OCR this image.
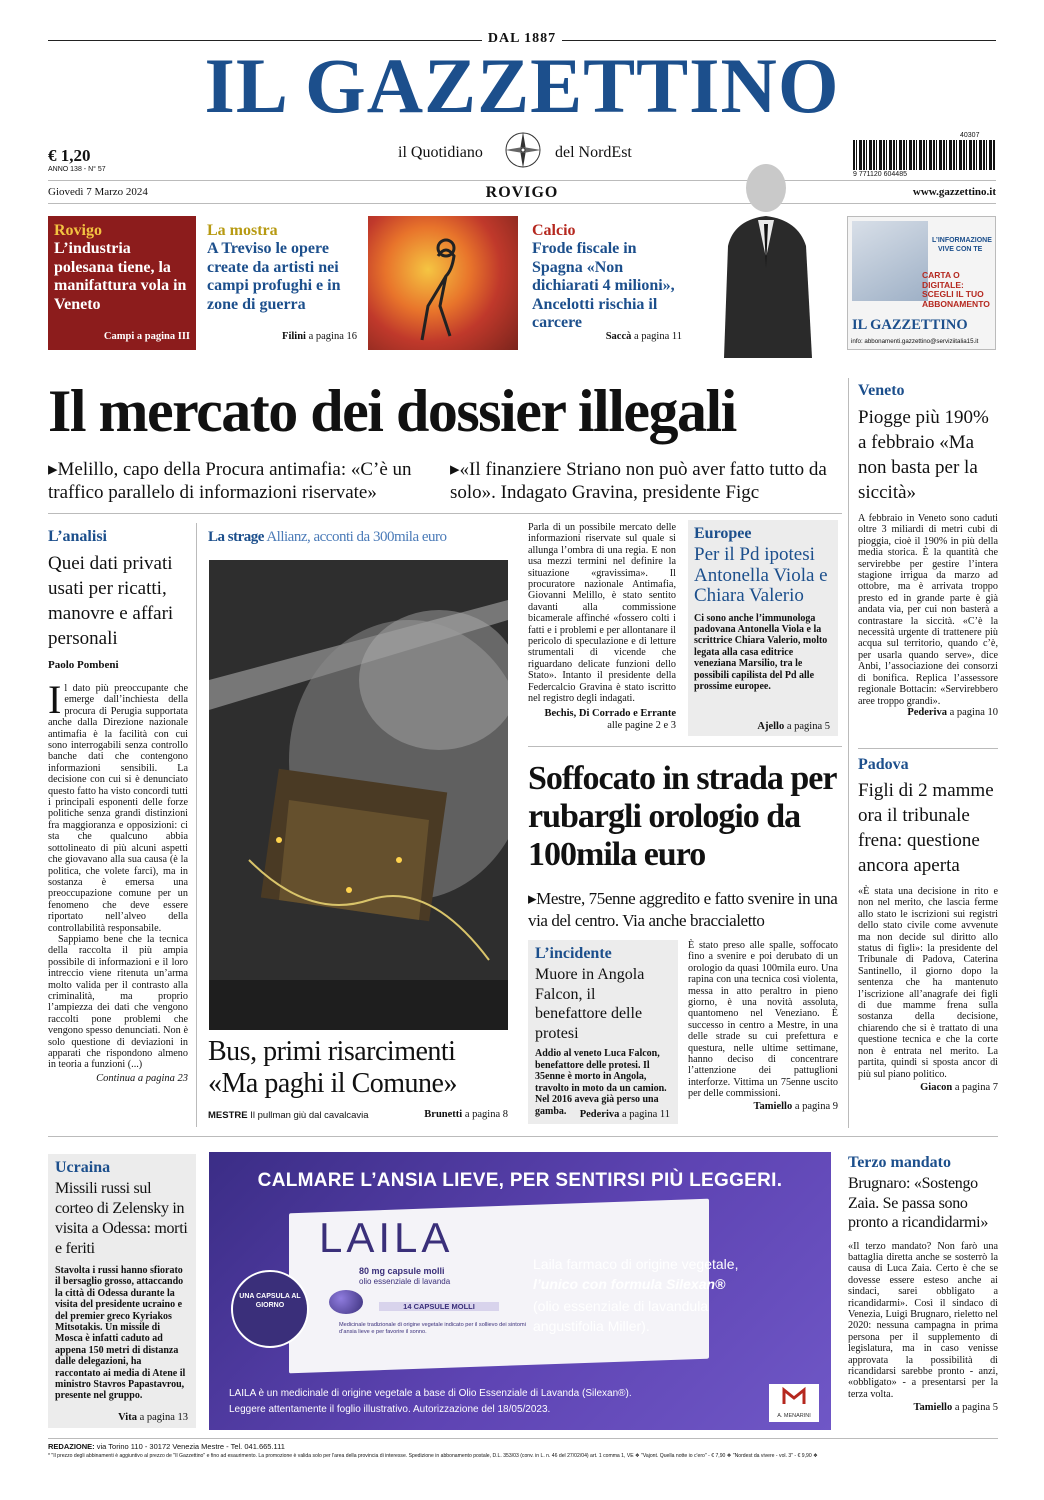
DAL 1887
IL GAZZETTINO
€ 1,20
ANNO 138 - N° 57
il Quotidiano	del NordEst
40307
9 771120 604485
Giovedì 7 Marzo 2024	ROVIGO	www.gazzettino.it
Rovigo
L’industria polesana tiene, la manifattura vola in Veneto
Campi a pagina III
La mostra
A Treviso le opere create da artisti nei campi profughi e in zone di guerra
Filini a pagina 16
Calcio
Frode fiscale in Spagna «Non dichiarati 4 milioni», Ancelotti rischia il carcere
Saccà a pagina 11
L’INFORMAZIONE
VIVE CON TE
CARTA O DIGITALE: SCEGLI IL TUO ABBONAMENTO
IL GAZZETTINO
info: abbonamenti.gazzettino@serviziitalia15.it
Il mercato dei dossier illegali
▸Melillo, capo della Procura antimafia: «C’è un traffico parallelo di informazioni riservate»
▸«Il finanziere Striano non può aver fatto tutto da solo». Indagato Gravina, presidente Figc
L’analisi
Quei dati privati usati per ricatti, manovre e affari personali
Paolo Pombeni
I l dato più preoccupante che emerge dall’inchiesta della procura di Perugia supportata anche dalla Direzione nazionale antimafia è la facilità con cui sono interrogabili senza controllo banche dati che contengono informazioni sensibili. La decisione con cui si è denunciato questo fatto ha visto concordi tutti i principali esponenti delle forze politiche senza grandi distinzioni fra maggioranza e opposizioni: ci sta che qualcuno abbia sottolineato di più alcuni aspetti che giovavano alla sua causa (è la politica, che volete farci), ma in sostanza è emersa una preoccupazione comune per un fenomeno che deve essere riportato nell’alveo della controllabilità responsabile.
Sappiamo bene che la tecnica della raccolta il più ampia possibile di informazioni e il loro intreccio viene ritenuta un’arma molto valida per il contrasto alla criminalità, ma proprio l’ampiezza dei dati che vengono raccolti pone problemi che vengono spesso denunciati. Non è solo questione di deviazioni in apparati che rispondono almeno in teoria a funzioni (...)
Continua a pagina 23
La strage Allianz, acconti da 300mila euro
Bus, primi risarcimenti «Ma paghi il Comune»
MESTRE Il pullman giù dal cavalcavia	Brunetti a pagina 8
Parla di un possibile mercato delle informazioni riservate sul quale si allunga l’ombra di una regia. E non usa mezzi termini nel definire la situazione «gravissima». Il procuratore nazionale Antimafia, Giovanni Melillo, è stato sentito davanti alla commissione bicamerale affinché «fossero colti i fatti e i problemi e per allontanare il pericolo di speculazione e di letture strumentali di vicende che riguardano delicate funzioni dello Stato». Intanto il presidente della Federcalcio Gravina è stato iscritto nel registro degli indagati.
Bechis, Di Corrado e Errante
alle pagine 2 e 3
Europee
Per il Pd ipotesi Antonella Viola e Chiara Valerio
Ci sono anche l’immunologa padovana Antonella Viola e la scrittrice Chiara Valerio, molto legata alla casa editrice veneziana Marsilio, tra le possibili capilista del Pd alle prossime europee.
Ajello a pagina 5
Soffocato in strada per rubargli orologio da 100mila euro
▸Mestre, 75enne aggredito e fatto svenire in una via del centro. Via anche braccialetto
L’incidente
Muore in Angola Falcon, il benefattore delle protesi
Addio al veneto Luca Falcon, benefattore delle protesi. Il 35enne è morto in Angola, travolto in moto da un camion. Nel 2016 aveva già perso una gamba.	Pederiva a pagina 11
È stato preso alle spalle, soffocato fino a svenire e poi derubato di un orologio da quasi 100mila euro. Una rapina con una tecnica così violenta, messa in atto peraltro in pieno giorno, è una novità assoluta, quantomeno nel Veneziano. È successo in centro a Mestre, in una delle strade su cui prefettura e questura, nelle ultime settimane, hanno deciso di concentrare l’attenzione dei pattuglioni interforze. Vittima un 75enne uscito per delle commissioni.
Tamiello a pagina 9
Veneto
Piogge più 190% a febbraio «Ma non basta per la siccità»
A febbraio in Veneto sono caduti oltre 3 miliardi di metri cubi di pioggia, cioè il 190% in più della media storica. È la quantità che servirebbe per gestire l’intera stagione irrigua da marzo ad ottobre, ma è arrivata troppo presto ed in grande parte è già andata via, per cui non basterà a contrastare la siccità. «C’è la necessità urgente di trattenere più acqua sul territorio, quando c’è, per usarla quando serve», dice Anbi, l’associazione dei consorzi di bonifica. Replica l’assessore regionale Bottacin: «Servirebbero aree troppo grandi».
Pederiva a pagina 10
Padova
Figli di 2 mamme ora il tribunale frena: questione ancora aperta
«È stata una decisione in rito e non nel merito, che lascia ferme allo stato le iscrizioni sui registri dello stato civile come avvenute ma non decide sul diritto allo status di figli»: la presidente del Tribunale di Padova, Caterina Santinello, il giorno dopo la sentenza che ha mantenuto l’iscrizione all’anagrafe dei figli di due mamme frena sulla sostanza della decisione, chiarendo che si è trattato di una questione tecnica e che la corte non è entrata nel merito. La partita, quindi si sposta ancor di più sul piano politico.
Giacon a pagina 7
Ucraina
Missili russi sul corteo di Zelensky in visita a Odessa: morti e feriti
Stavolta i russi hanno sfiorato il bersaglio grosso, attaccando la città di Odessa durante la visita del presidente ucraino e del premier greco Kyriakos Mitsotakis. Un missile di Mosca è infatti caduto ad appena 150 metri di distanza dalle delegazioni, ha raccontato ai media di Atene il ministro Stavros Papastavrou, presente nel gruppo.
Vita a pagina 13
CALMARE L’ANSIA LIEVE, PER SENTIRSI PIÙ LEGGERI.
LAILA
80 mg capsule molli
olio essenziale di lavanda
14 CAPSULE MOLLI
Medicinale tradizionale di origine vegetale indicato per il sollievo dei sintomi d’ansia lieve e per favorire il sonno.
UNA CAPSULA AL GIORNO
Laila farmaco di origine vegetale,
l’unico con formula Silexan®
(olio essenziale di lavandula angustifolia Miller).
LAILA è un medicinale di origine vegetale a base di Olio Essenziale di Lavanda (Silexan®).
Leggere attentamente il foglio illustrativo. Autorizzazione del 18/05/2023.
A. MENARINI
Terzo mandato
Brugnaro: «Sostengo Zaia. Se passa sono pronto a ricandidarmi»
«Il terzo mandato? Non farò una battaglia diretta anche se sosterrò la causa di Luca Zaia. Certo è che se dovesse essere esteso anche ai sindaci, sarei obbligato a ricandidarmi». Così il sindaco di Venezia, Luigi Brugnaro, rieletto nel 2020: nessuna campagna in prima persona per il supplemento di legislatura, ma in caso venisse approvata la possibilità di ricandidarsi sarebbe pronto - anzi, «obbligato» - a presentarsi per la terza volta.
Tamiello a pagina 5
REDAZIONE: via Torino 110 - 30172 Venezia Mestre - Tel. 041.665.111
* "Il prezzo degli abbinamenti è aggiuntivo al prezzo de "Il Gazzettino" e fino ad esaurimento. La promozione è valida solo per l'area della provincia di interesse. Spedizione in abbonamento postale, D.L. 353/03 (conv. in L. n. 46 del 27/02/04) art. 1 comma 1, VE ❖ "Vajont. Quella notte io c'ero" - € 7,90 ❖ "Nordest da vivere - vol. 3" - € 9,90 ❖
